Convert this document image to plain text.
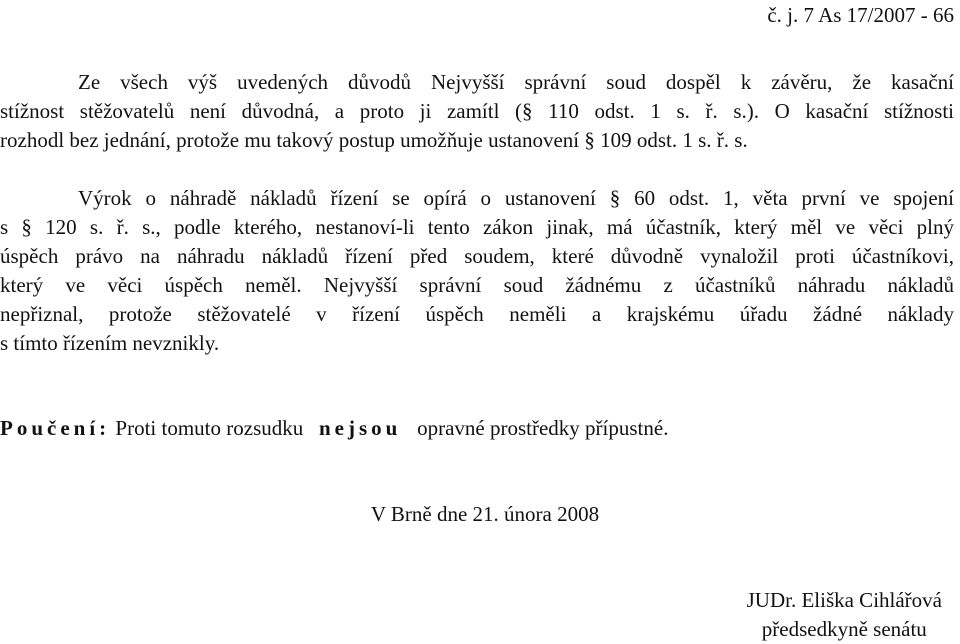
č. j. 7 As 17/2007 - 66

Ze všech výš uvedených důvodů Nejvyšší správní soud dospěl k závěru, že kasační
stížnost stěžovatelů není důvodná, a proto ji zamítl (§ 110 odst. 1 s. ř. s.). O kasační stížnosti
rozhodl bez jednání, protože mu takový postup umožňuje ustanovení § 109 odst. 1 s. ř. s.

Výrok o náhradě nákladů řízení se opírá o ustanovení § 60 odst. 1, věta první ve spojení
s § 120 s. ř. s., podle kterého, nestanoví-li tento zákon jinak, má účastník, který měl ve věci plný
úspěch právo na náhradu nákladů řízení před soudem, které důvodně vynaložil proti účastníkovi,
který ve věci úspěch neměl. Nejvyšší správní soud žádnému z účastníků náhradu nákladů
nepřiznal, protože stěžovatelé v řízení úspěch neměli a krajskému úřadu žádné náklady
s tímto řízením nevznikly.

Poučení: Proti tomuto rozsudku nejsou opravné prostředky přípustné.
V Brně dne 21. února 2008
JUDr. Eliška Cihlářová
předsedkyně senátu
